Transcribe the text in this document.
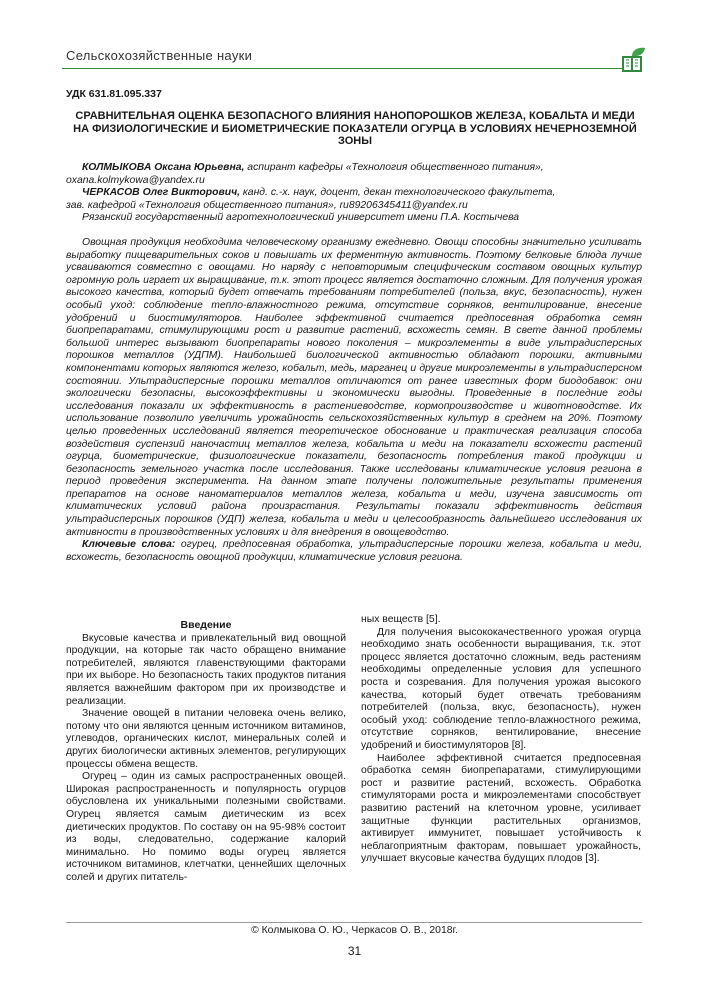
Сельскохозяйственные науки
УДК 631.81.095.337
СРАВНИТЕЛЬНАЯ ОЦЕНКА БЕЗОПАСНОГО ВЛИЯНИЯ НАНОПОРОШКОВ ЖЕЛЕЗА, КОБАЛЬТА И МЕДИ НА ФИЗИОЛОГИЧЕСКИЕ И БИОМЕТРИЧЕСКИЕ ПОКАЗАТЕЛИ ОГУРЦА В УСЛОВИЯХ НЕЧЕРНОЗЕМНОЙ ЗОНЫ

КОЛМЫКОВА Оксана Юрьевна, аспирант кафедры «Технология общественного питания»,

oxana.kolmykowa@yandex.ru

ЧЕРКАСОВ Олег Викторович, канд. с.-х. наук, доцент, декан технологического факультета,

зав. кафедрой «Технология общественного питания», ru89206345411@yandex.ru

Рязанский государственный агротехнологический университет имени П.А. Костычева

Овощная продукция необходима человеческому организму ежедневно. Овощи способны значительно усиливать выработку пищеварительных соков и повышать их ферментную активность. Поэтому белковые блюда лучше усваиваются совместно с овощами. Но наряду с неповторимым специфическим составом овощных культур огромную роль играет их выращивание, т.к. этот процесс является достаточно сложным. Для получения урожая высокого качества, который будет отвечать требованиям потребителей (польза, вкус, безопасность), нужен особый уход: соблюдение тепло-влажностного режима, отсутствие сорняков, вентилирование, внесение удобрений и биостимуляторов. Наиболее эффективной считается предпосевная обработка семян биопрепаратами, стимулирующими рост и развитие растений, всхожесть семян. В свете данной проблемы большой интерес вызывают биопрепараты нового поколения – микроэлементы в виде ультрадисперсных порошков металлов (УДПМ). Наибольшей биологической активностью обладают порошки, активными компонентами которых являются железо, кобальт, медь, марганец и другие микроэлементы в ультрадисперсном состоянии. Ультрадисперсные порошки металлов отличаются от ранее известных форм биодобавок: они экологически безопасны, высокоэффективны и экономически выгодны. Проведенные в последние годы исследования показали их эффективность в растениеводстве, кормопроизводстве и животноводстве. Их использование позволило увеличить урожайность сельскохозяйственных культур в среднем на 20%. Поэтому целью проведенных исследований является теоретическое обоснование и практическая реализация способа воздействия суспензий наночастиц металлов железа, кобальта и меди на показатели всхожести растений огурца, биометрические, физиологические показатели, безопасность потребления такой продукции и безопасность земельного участка после исследования. Также исследованы климатические условия региона в период проведения эксперимента. На данном этапе получены положительные результаты применения препаратов на основе наноматериалов металлов железа, кобальта и меди, изучена зависимость от климатических условий района произрастания. Результаты показали эффективность действия ультрадисперсных порошков (УДП) железа, кобальта и меди и целесообразность дальнейшего исследования их активности в производственных условиях и для внедрения в овощеводство.

Ключевые слова: огурец, предпосевная обработка, ультрадисперсные порошки железа, кобальта и меди, всхожесть, безопасность овощной продукции, климатические условия региона.

Введение

Вкусовые качества и привлекательный вид овощной продукции, на которые так часто обращено внимание потребителей, являются главенствующими факторами при их выборе. Но безопасность таких продуктов питания является важнейшим фактором при их производстве и реализации.

Значение овощей в питании человека очень велико, потому что они являются ценным источником витаминов, углеводов, органических кислот, минеральных солей и других биологически активных элементов, регулирующих процессы обмена веществ.

Огурец – один из самых распространенных овощей. Широкая распространенность и популярность огурцов обусловлена их уникальными полезными свойствами. Огурец является самым диетическим из всех диетических продуктов. По составу он на 95-98% состоит из воды, следовательно, содержание калорий минимально. Но помимо воды огурец является источником витаминов, клетчатки, ценнейших щелочных солей и других питатель-

ных веществ [5].

Для получения высококачественного урожая огурца необходимо знать особенности выращивания, т.к. этот процесс является достаточно сложным, ведь растениям необходимы определенные условия для успешного роста и созревания. Для получения урожая высокого качества, который будет отвечать требованиям потребителей (польза, вкус, безопасность), нужен особый уход: соблюдение тепло-влажностного режима, отсутствие сорняков, вентилирование, внесение удобрений и биостимуляторов [8].

Наиболее эффективной считается предпосевная обработка семян биопрепаратами, стимулирующими рост и развитие растений, всхожесть. Обработка стимуляторами роста и микроэлементами способствует развитию растений на клеточном уровне, усиливает защитные функции растительных организмов, активирует иммунитет, повышает устойчивость к неблагоприятным факторам, повышает урожайность, улучшает вкусовые качества будущих плодов [3].

© Колмыкова О. Ю., Черкасов О. В., 2018г.
31
